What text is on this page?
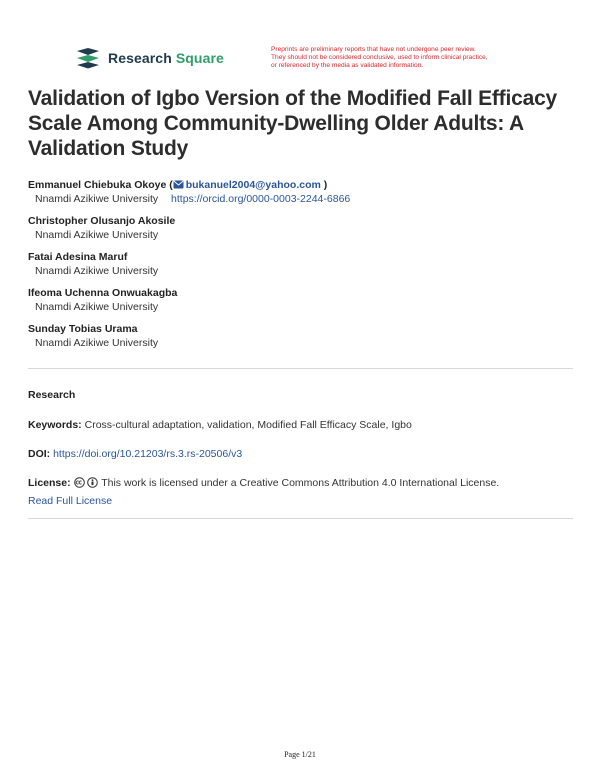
Research Square
Preprints are preliminary reports that have not undergone peer review.
They should not be considered conclusive, used to inform clinical practice,
or referenced by the media as validated information.
Validation of Igbo Version of the Modified Fall Efficacy Scale Among Community-Dwelling Older Adults: A Validation Study
Emmanuel Chiebuka Okoye ( bukanuel2004@yahoo.com )
Nnamdi Azikiwe University https://orcid.org/0000-0003-2244-6866
Christopher Olusanjo Akosile
Nnamdi Azikiwe University
Fatai Adesina Maruf
Nnamdi Azikiwe University
Ifeoma Uchenna Onwuakagba
Nnamdi Azikiwe University
Sunday Tobias Urama
Nnamdi Azikiwe University
Research
Keywords: Cross-cultural adaptation, validation, Modified Fall Efficacy Scale, Igbo
DOI: https://doi.org/10.21203/rs.3.rs-20506/v3
License:	This work is licensed under a Creative Commons Attribution 4.0 International License.
Read Full License
Page 1/21
